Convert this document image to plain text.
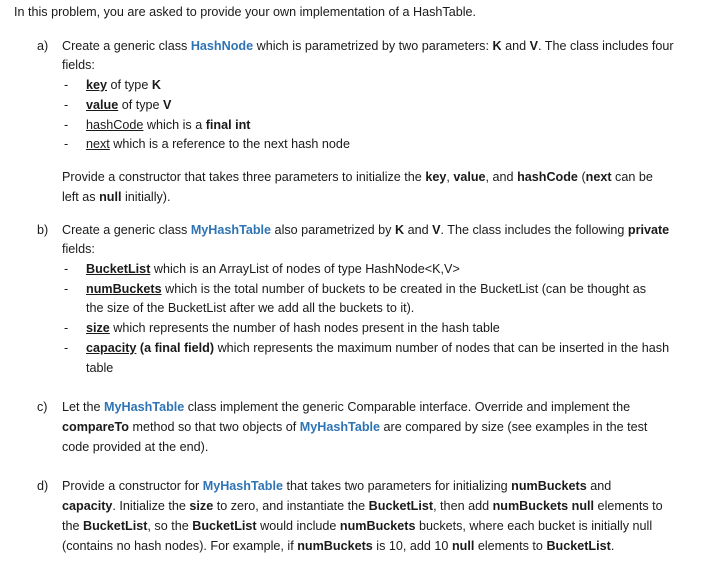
In this problem, you are asked to provide your own implementation of a HashTable.
a) Create a generic class HashNode which is parametrized by two parameters: K and V. The class includes four
fields:
- key of type K
- value of type V
- hashCode which is a final int
- next which is a reference to the next hash node
Provide a constructor that takes three parameters to initialize the key, value, and hashCode (next can be
left as null initially).
b) Create a generic class MyHashTable also parametrized by K and V. The class includes the following private
fields:
- BucketList which is an ArrayList of nodes of type HashNode<K,V>
- numBuckets which is the total number of buckets to be created in the BucketList (can be thought as
the size of the BucketList after we add all the buckets to it).
- size which represents the number of hash nodes present in the hash table
- capacity (a final field) which represents the maximum number of nodes that can be inserted in the hash
table
c) Let the MyHashTable class implement the generic Comparable interface. Override and implement the
compareTo method so that two objects of MyHashTable are compared by size (see examples in the test
code provided at the end).
d) Provide a constructor for MyHashTable that takes two parameters for initializing numBuckets and
capacity. Initialize the size to zero, and instantiate the BucketList, then add numBuckets null elements to
the BucketList, so the BucketList would include numBuckets buckets, where each bucket is initially null
(contains no hash nodes). For example, if numBuckets is 10, add 10 null elements to BucketList.
